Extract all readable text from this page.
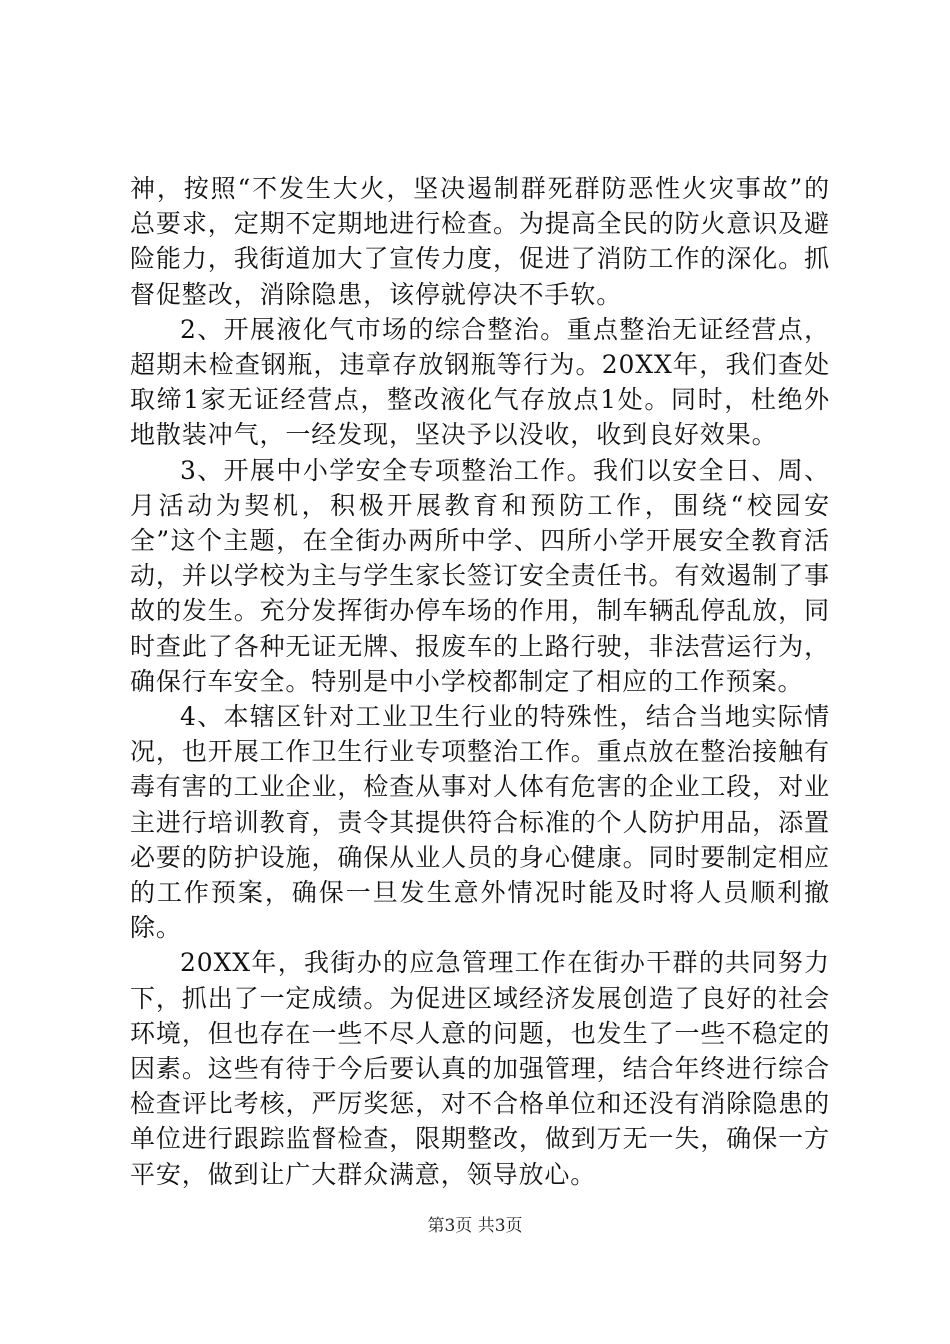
神，按照“不发生大火，坚决遏制群死群防恶性火灾事故”的总要求，定期不定期地进行检查。为提高全民的防火意识及避险能力，我街道加大了宣传力度，促进了消防工作的深化。抓督促整改，消除隐患，该停就停决不手软。

2、开展液化气市场的综合整治。重点整治无证经营点，超期未检查钢瓶，违章存放钢瓶等行为。20XX年，我们查处取缔1家无证经营点，整改液化气存放点1处。同时，杜绝外地散装冲气，一经发现，坚决予以没收，收到良好效果。

3、开展中小学安全专项整治工作。我们以安全日、周、月活动为契机，积极开展教育和预防工作，围绕“校园安全”这个主题，在全街办两所中学、四所小学开展安全教育活动，并以学校为主与学生家长签订安全责任书。有效遏制了事故的发生。充分发挥街办停车场的作用，制车辆乱停乱放，同时查此了各种无证无牌、报废车的上路行驶，非法营运行为，确保行车安全。特别是中小学校都制定了相应的工作预案。

4、本辖区针对工业卫生行业的特殊性，结合当地实际情况，也开展工作卫生行业专项整治工作。重点放在整治接触有毒有害的工业企业，检查从事对人体有危害的企业工段，对业主进行培训教育，责令其提供符合标准的个人防护用品，添置必要的防护设施，确保从业人员的身心健康。同时要制定相应的工作预案，确保一旦发生意外情况时能及时将人员顺利撤除。

20XX年，我街办的应急管理工作在街办干群的共同努力下，抓出了一定成绩。为促进区域经济发展创造了良好的社会环境，但也存在一些不尽人意的问题，也发生了一些不稳定的因素。这些有待于今后要认真的加强管理，结合年终进行综合检查评比考核，严厉奖惩，对不合格单位和还没有消除隐患的单位进行跟踪监督检查，限期整改，做到万无一失，确保一方平安，做到让广大群众满意，领导放心。

第3页 共3页
